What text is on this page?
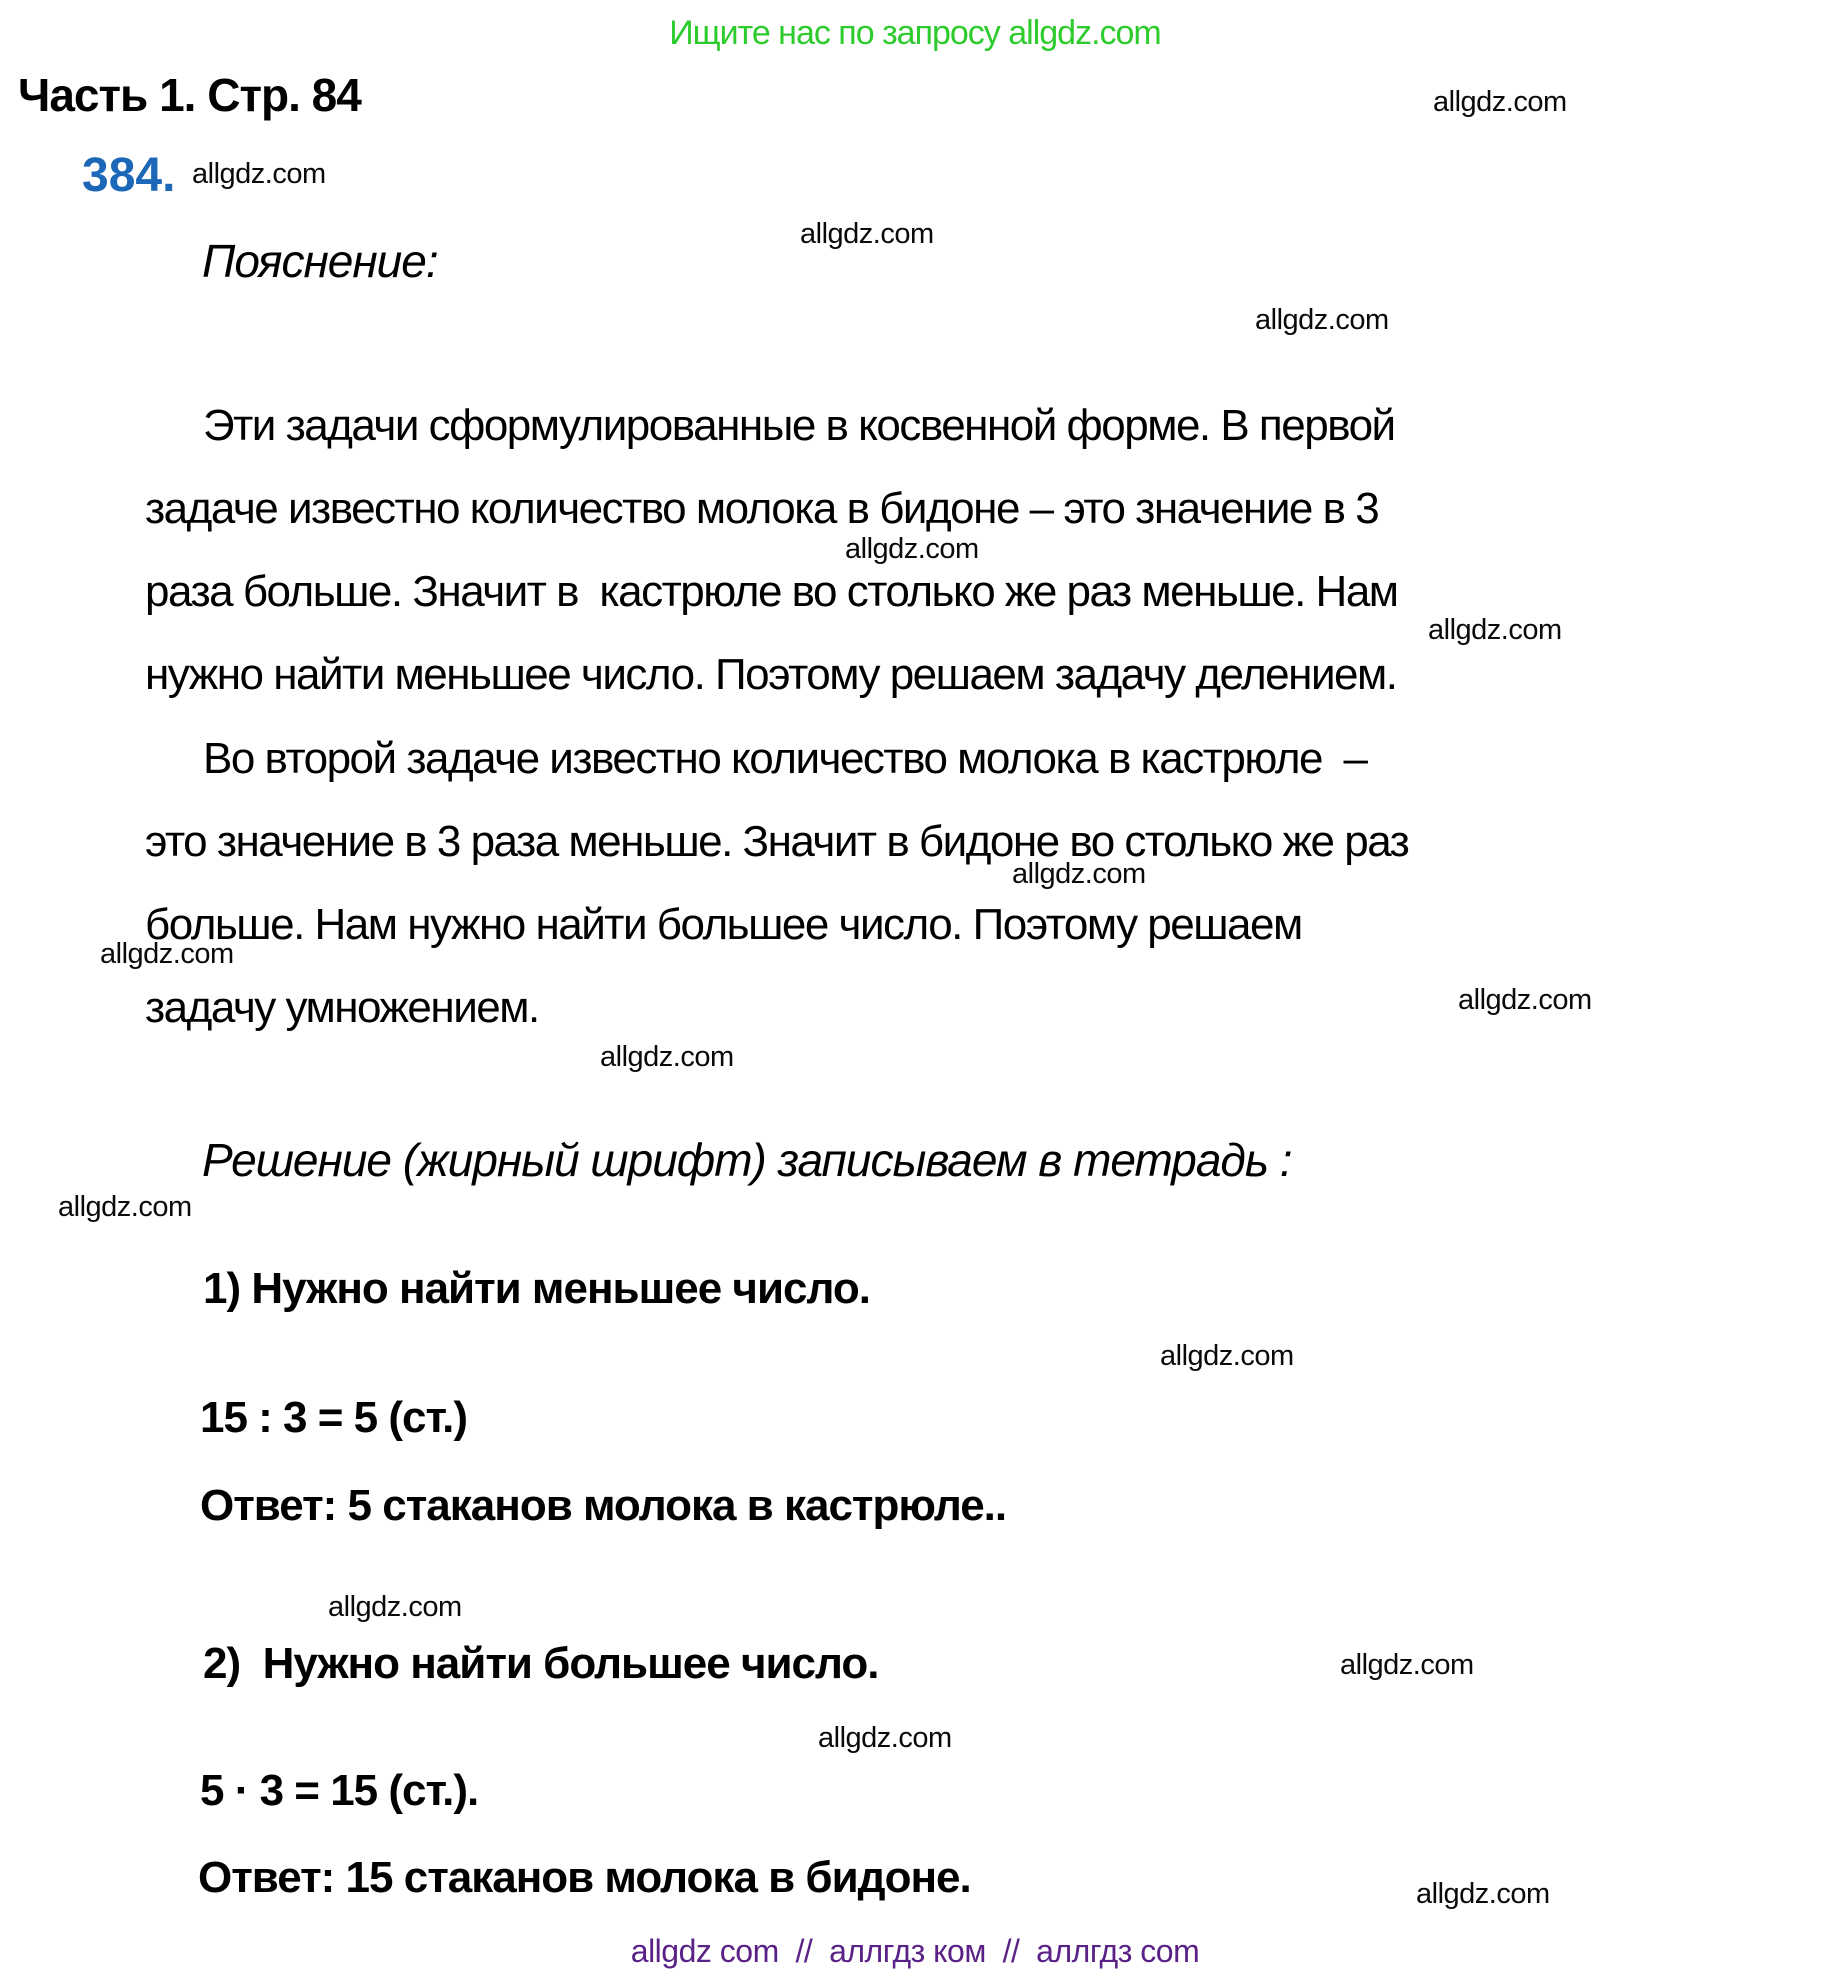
Ищите нас по запросу allgdz.com
Часть 1. Стр. 84
384.
Пояснение:
Эти задачи сформулированные в косвенной форме. В первой
задаче известно количество молока в бидоне – это значение в 3
раза больше. Значит в  кастрюле во столько же раз меньше. Нам
нужно найти меньшее число. Поэтому решаем задачу делением.
Во второй задаче известно количество молока в кастрюле  –
это значение в 3 раза меньше. Значит в бидоне во столько же раз
больше. Нам нужно найти большее число. Поэтому решаем
задачу умножением.
Решение (жирный шрифт) записываем в тетрадь :
1) Нужно найти меньшее число.
15 : 3 = 5 (ст.)
Ответ: 5 стаканов молока в кастрюле..
2)  Нужно найти большее число.
5 · 3 = 15 (ст.).
Ответ: 15 стаканов молока в бидоне.
allgdz.com
allgdz.com
allgdz.com
allgdz.com
allgdz.com
allgdz.com
allgdz.com
allgdz.com
allgdz.com
allgdz.com
allgdz.com
allgdz.com
allgdz.com
allgdz.com
allgdz.com
allgdz.com
allgdz com  //  аллгдз ком  //  аллгдз com
